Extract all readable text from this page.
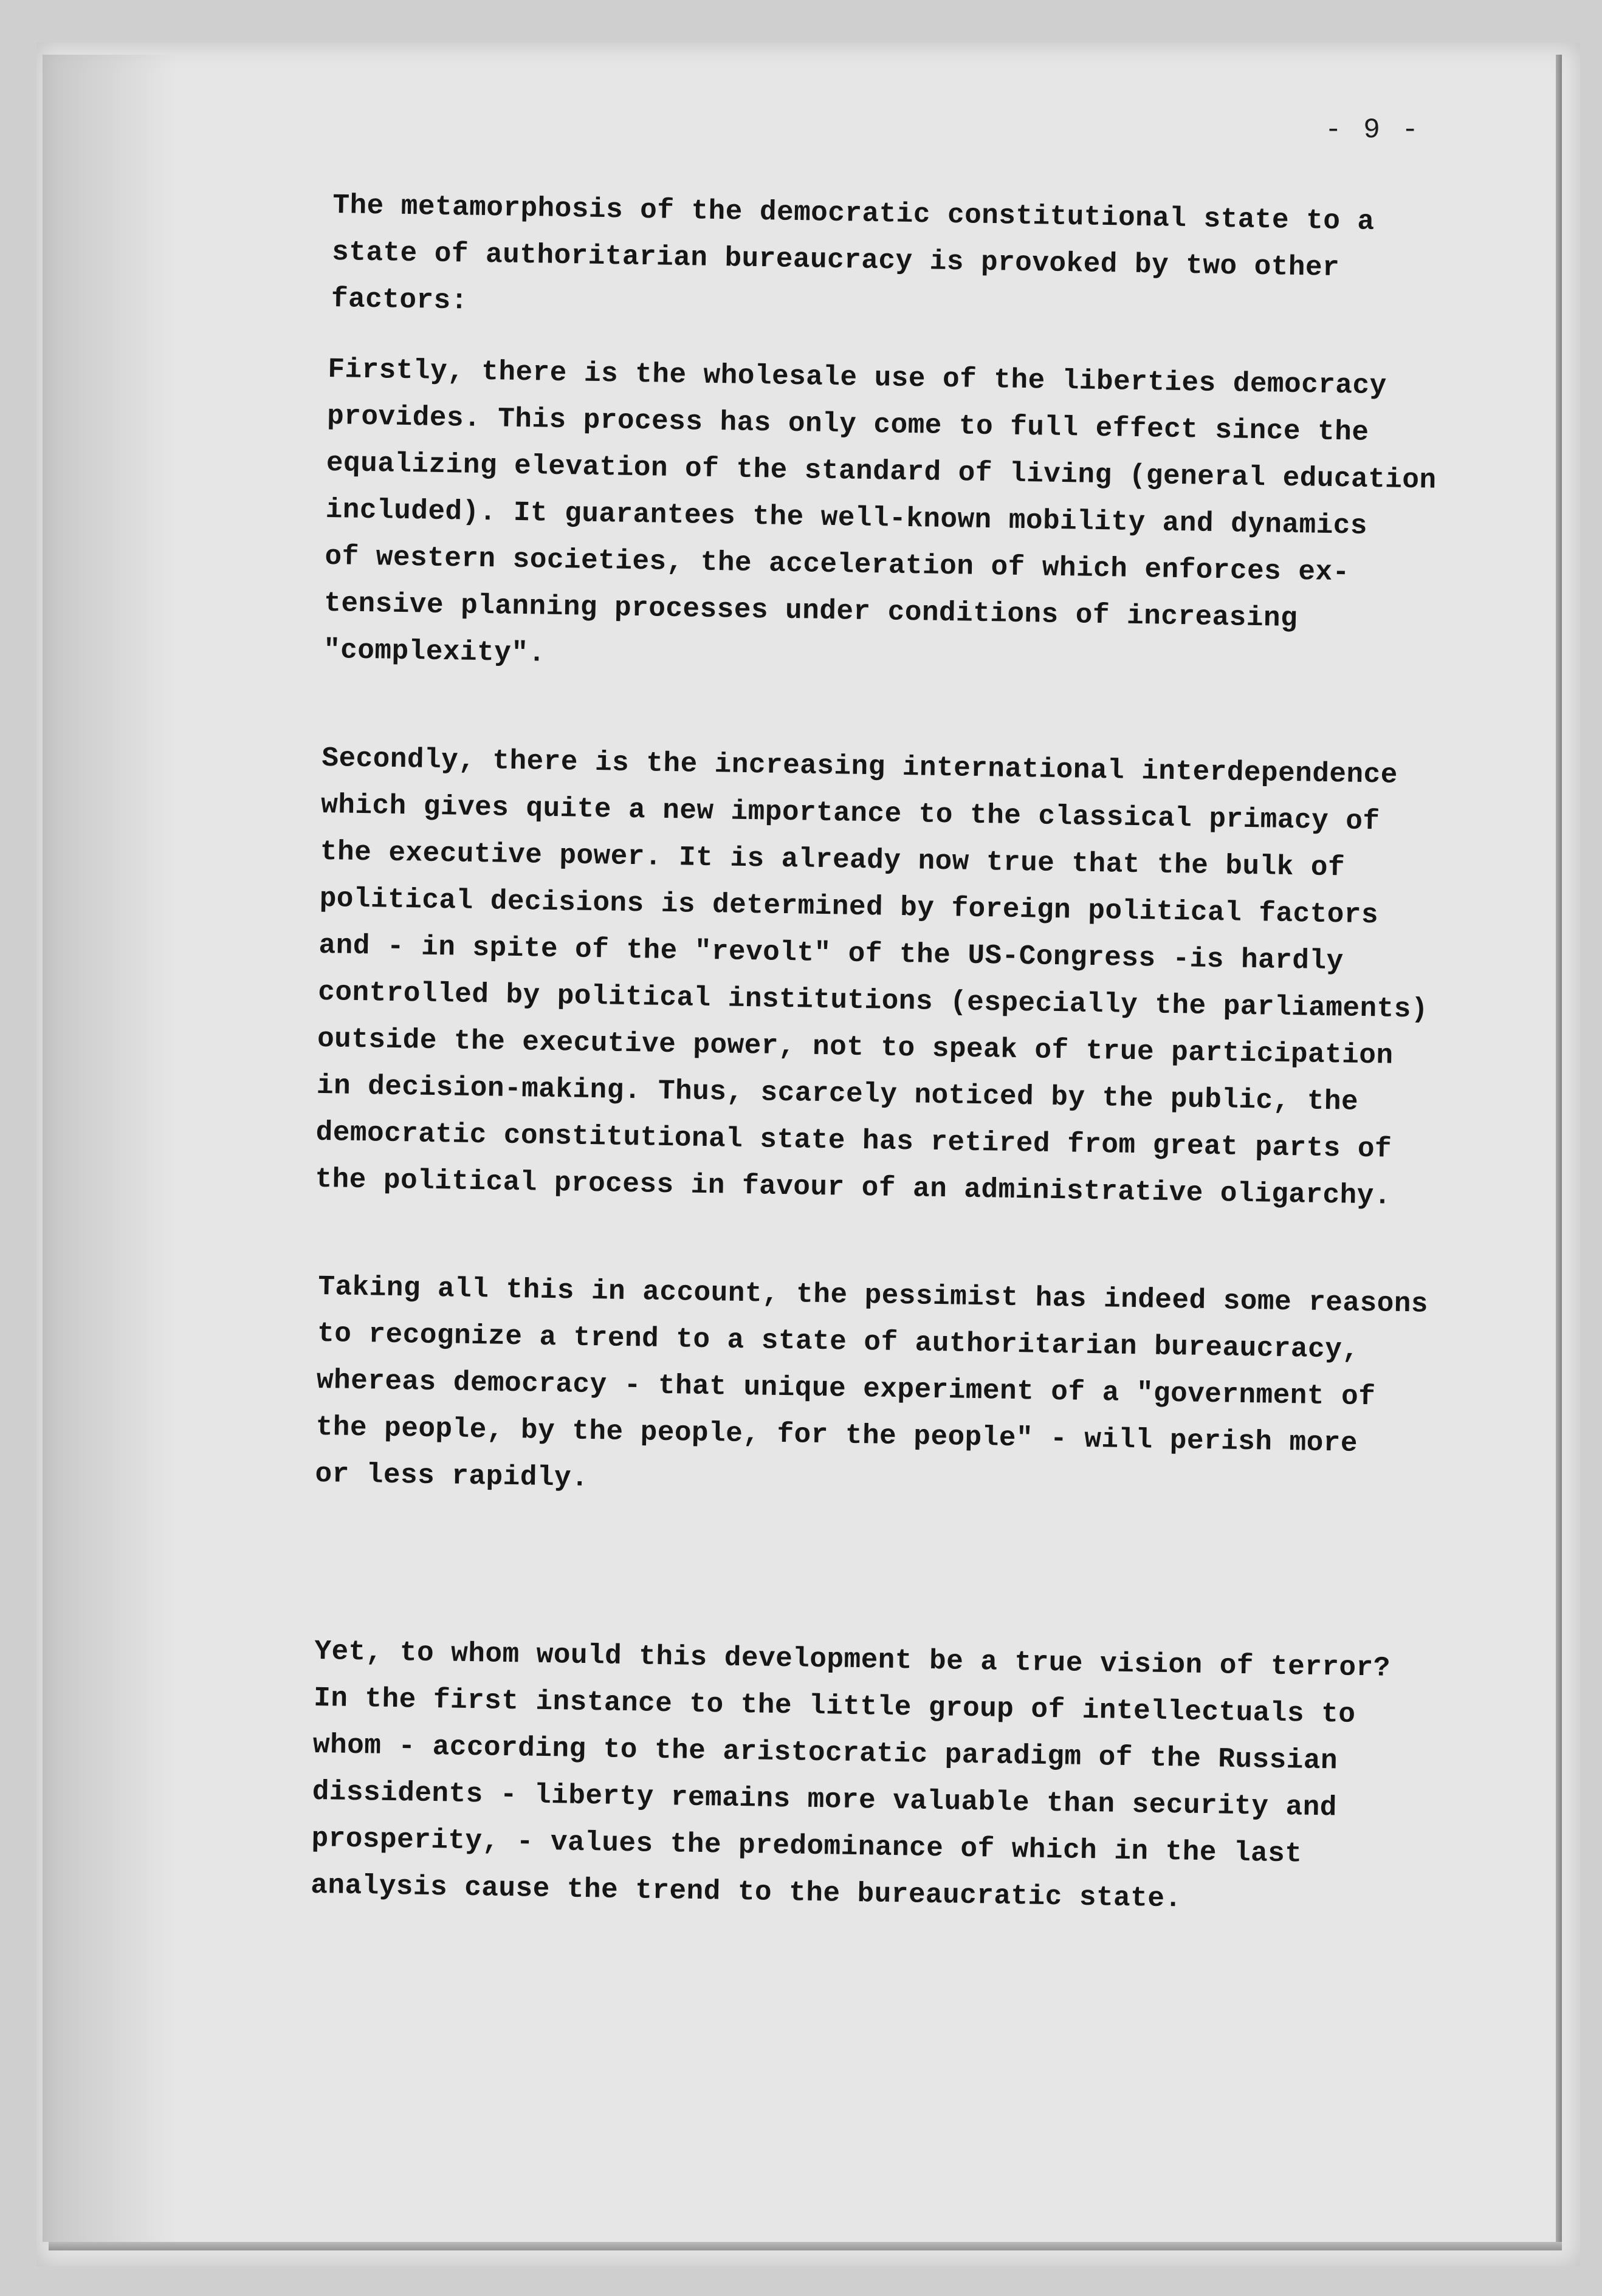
- 9 -

The metamorphosis of the democratic constitutional state to a
state of authoritarian bureaucracy is provoked by two other
factors:

Firstly, there is the wholesale use of the liberties democracy
provides. This process has only come to full effect since the
equalizing elevation of the standard of living (general education
included). It guarantees the well-known mobility and dynamics
of western societies, the acceleration of which enforces ex-
tensive planning processes under conditions of increasing
"complexity".

Secondly, there is the increasing international interdependence
which gives quite a new importance to the classical primacy of
the executive power. It is already now true that the bulk of
political decisions is determined by foreign political factors
and - in spite of the "revolt" of the US-Congress -is hardly
controlled by political institutions (especially the parliaments)
outside the executive power, not to speak of true participation
in decision-making. Thus, scarcely noticed by the public, the
democratic constitutional state has retired from great parts of
the political process in favour of an administrative oligarchy.

Taking all this in account, the pessimist has indeed some reasons
to recognize a trend to a state of authoritarian bureaucracy,
whereas democracy - that unique experiment of a "government of
the people, by the people, for the people" - will perish more
or less rapidly.

Yet, to whom would this development be a true vision of terror?
In the first instance to the little group of intellectuals to
whom - according to the aristocratic paradigm of the Russian
dissidents - liberty remains more valuable than security and
prosperity, - values the predominance of which in the last
analysis cause the trend to the bureaucratic state.
